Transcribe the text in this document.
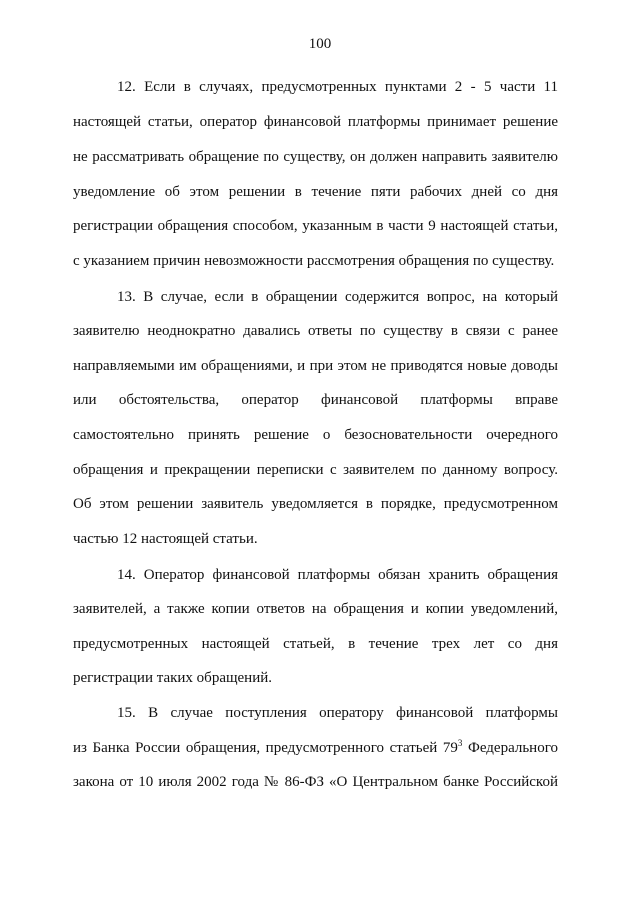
100
12. Если в случаях, предусмотренных пунктами 2 - 5 части 11
настоящей статьи, оператор финансовой платформы принимает решение
не рассматривать обращение по существу, он должен направить заявителю
уведомление об этом решении в течение пяти рабочих дней со дня
регистрации обращения способом, указанным в части 9 настоящей статьи,
с указанием причин невозможности рассмотрения обращения по существу.
13. В случае, если в обращении содержится вопрос, на который
заявителю неоднократно давались ответы по существу в связи с ранее
направляемыми им обращениями, и при этом не приводятся новые доводы
или обстоятельства, оператор финансовой платформы вправе
самостоятельно принять решение о безосновательности очередного
обращения и прекращении переписки с заявителем по данному вопросу.
Об этом решении заявитель уведомляется в порядке, предусмотренном
частью 12 настоящей статьи.
14. Оператор финансовой платформы обязан хранить обращения
заявителей, а также копии ответов на обращения и копии уведомлений,
предусмотренных настоящей статьей, в течение трех лет со дня
регистрации таких обращений.
15. В случае поступления оператору финансовой платформы
из Банка России обращения, предусмотренного статьей $79^3$ Федерального
закона от 10 июля 2002 года № 86-ФЗ «О Центральном банке Российской
